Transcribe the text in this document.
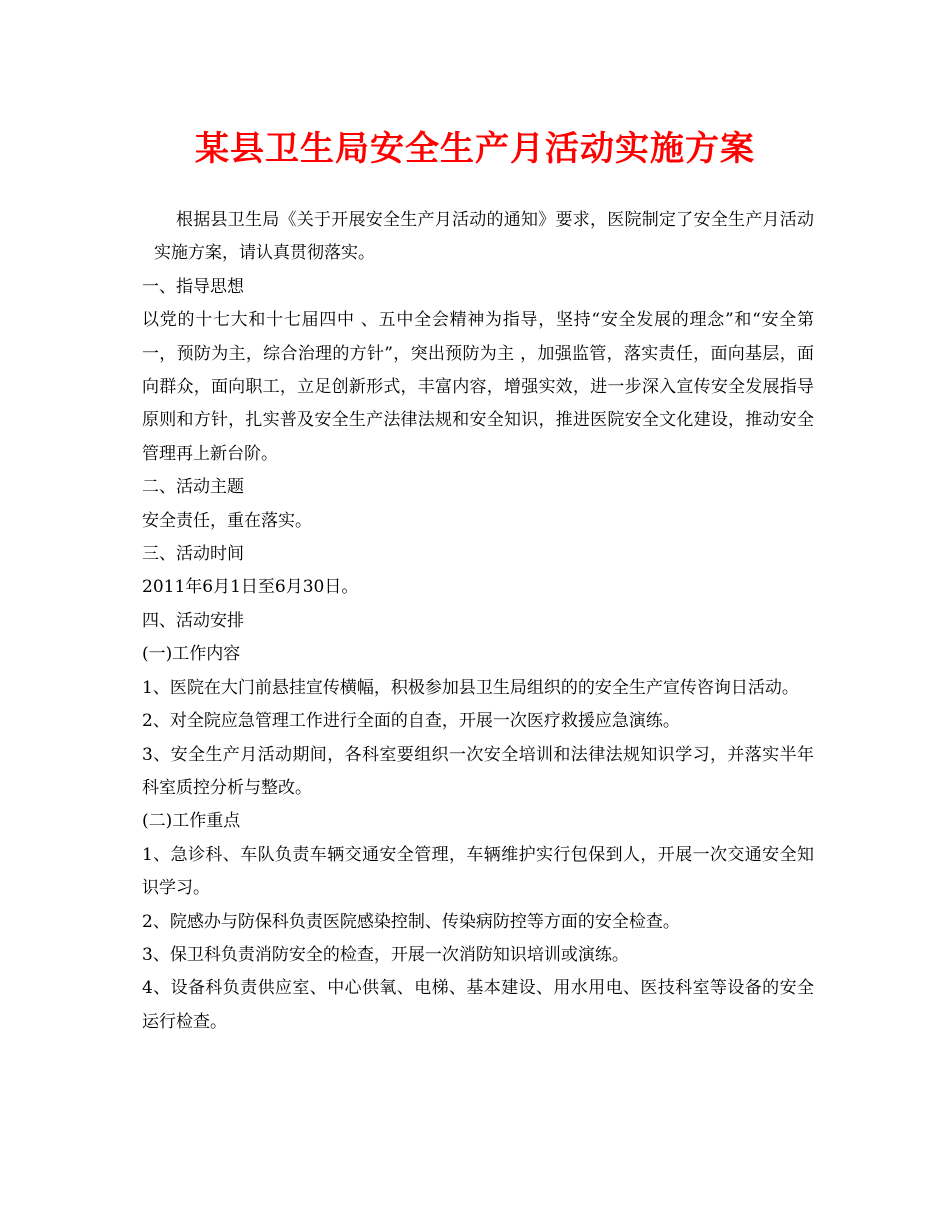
某县卫生局安全生产月活动实施方案

根据县卫生局《关于开展安全生产月活动的通知》要求，医院制定了安全生产月活动实施方案，请认真贯彻落实。

一、指导思想

以党的十七大和十七届四中 、五中全会精神为指导，坚持“安全发展的理念”和“安全第一，预防为主，综合治理的方针”，突出预防为主 ，加强监管，落实责任，面向基层，面向群众，面向职工，立足创新形式，丰富内容，增强实效，进一步深入宣传安全发展指导原则和方针，扎实普及安全生产法律法规和安全知识，推进医院安全文化建设，推动安全管理再上新台阶。

二、活动主题

安全责任，重在落实。

三、活动时间

2011年6月1日至6月30日。

四、活动安排

(一)工作内容

1、医院在大门前悬挂宣传横幅，积极参加县卫生局组织的的安全生产宣传咨询日活动。

2、对全院应急管理工作进行全面的自查，开展一次医疗救援应急演练。

3、安全生产月活动期间，各科室要组织一次安全培训和法律法规知识学习，并落实半年科室质控分析与整改。

(二)工作重点

1、急诊科、车队负责车辆交通安全管理，车辆维护实行包保到人，开展一次交通安全知识学习。

2、院感办与防保科负责医院感染控制、传染病防控等方面的安全检查。

3、保卫科负责消防安全的检查，开展一次消防知识培训或演练。

4、设备科负责供应室、中心供氧、电梯、基本建设、用水用电、医技科室等设备的安全运行检查。
